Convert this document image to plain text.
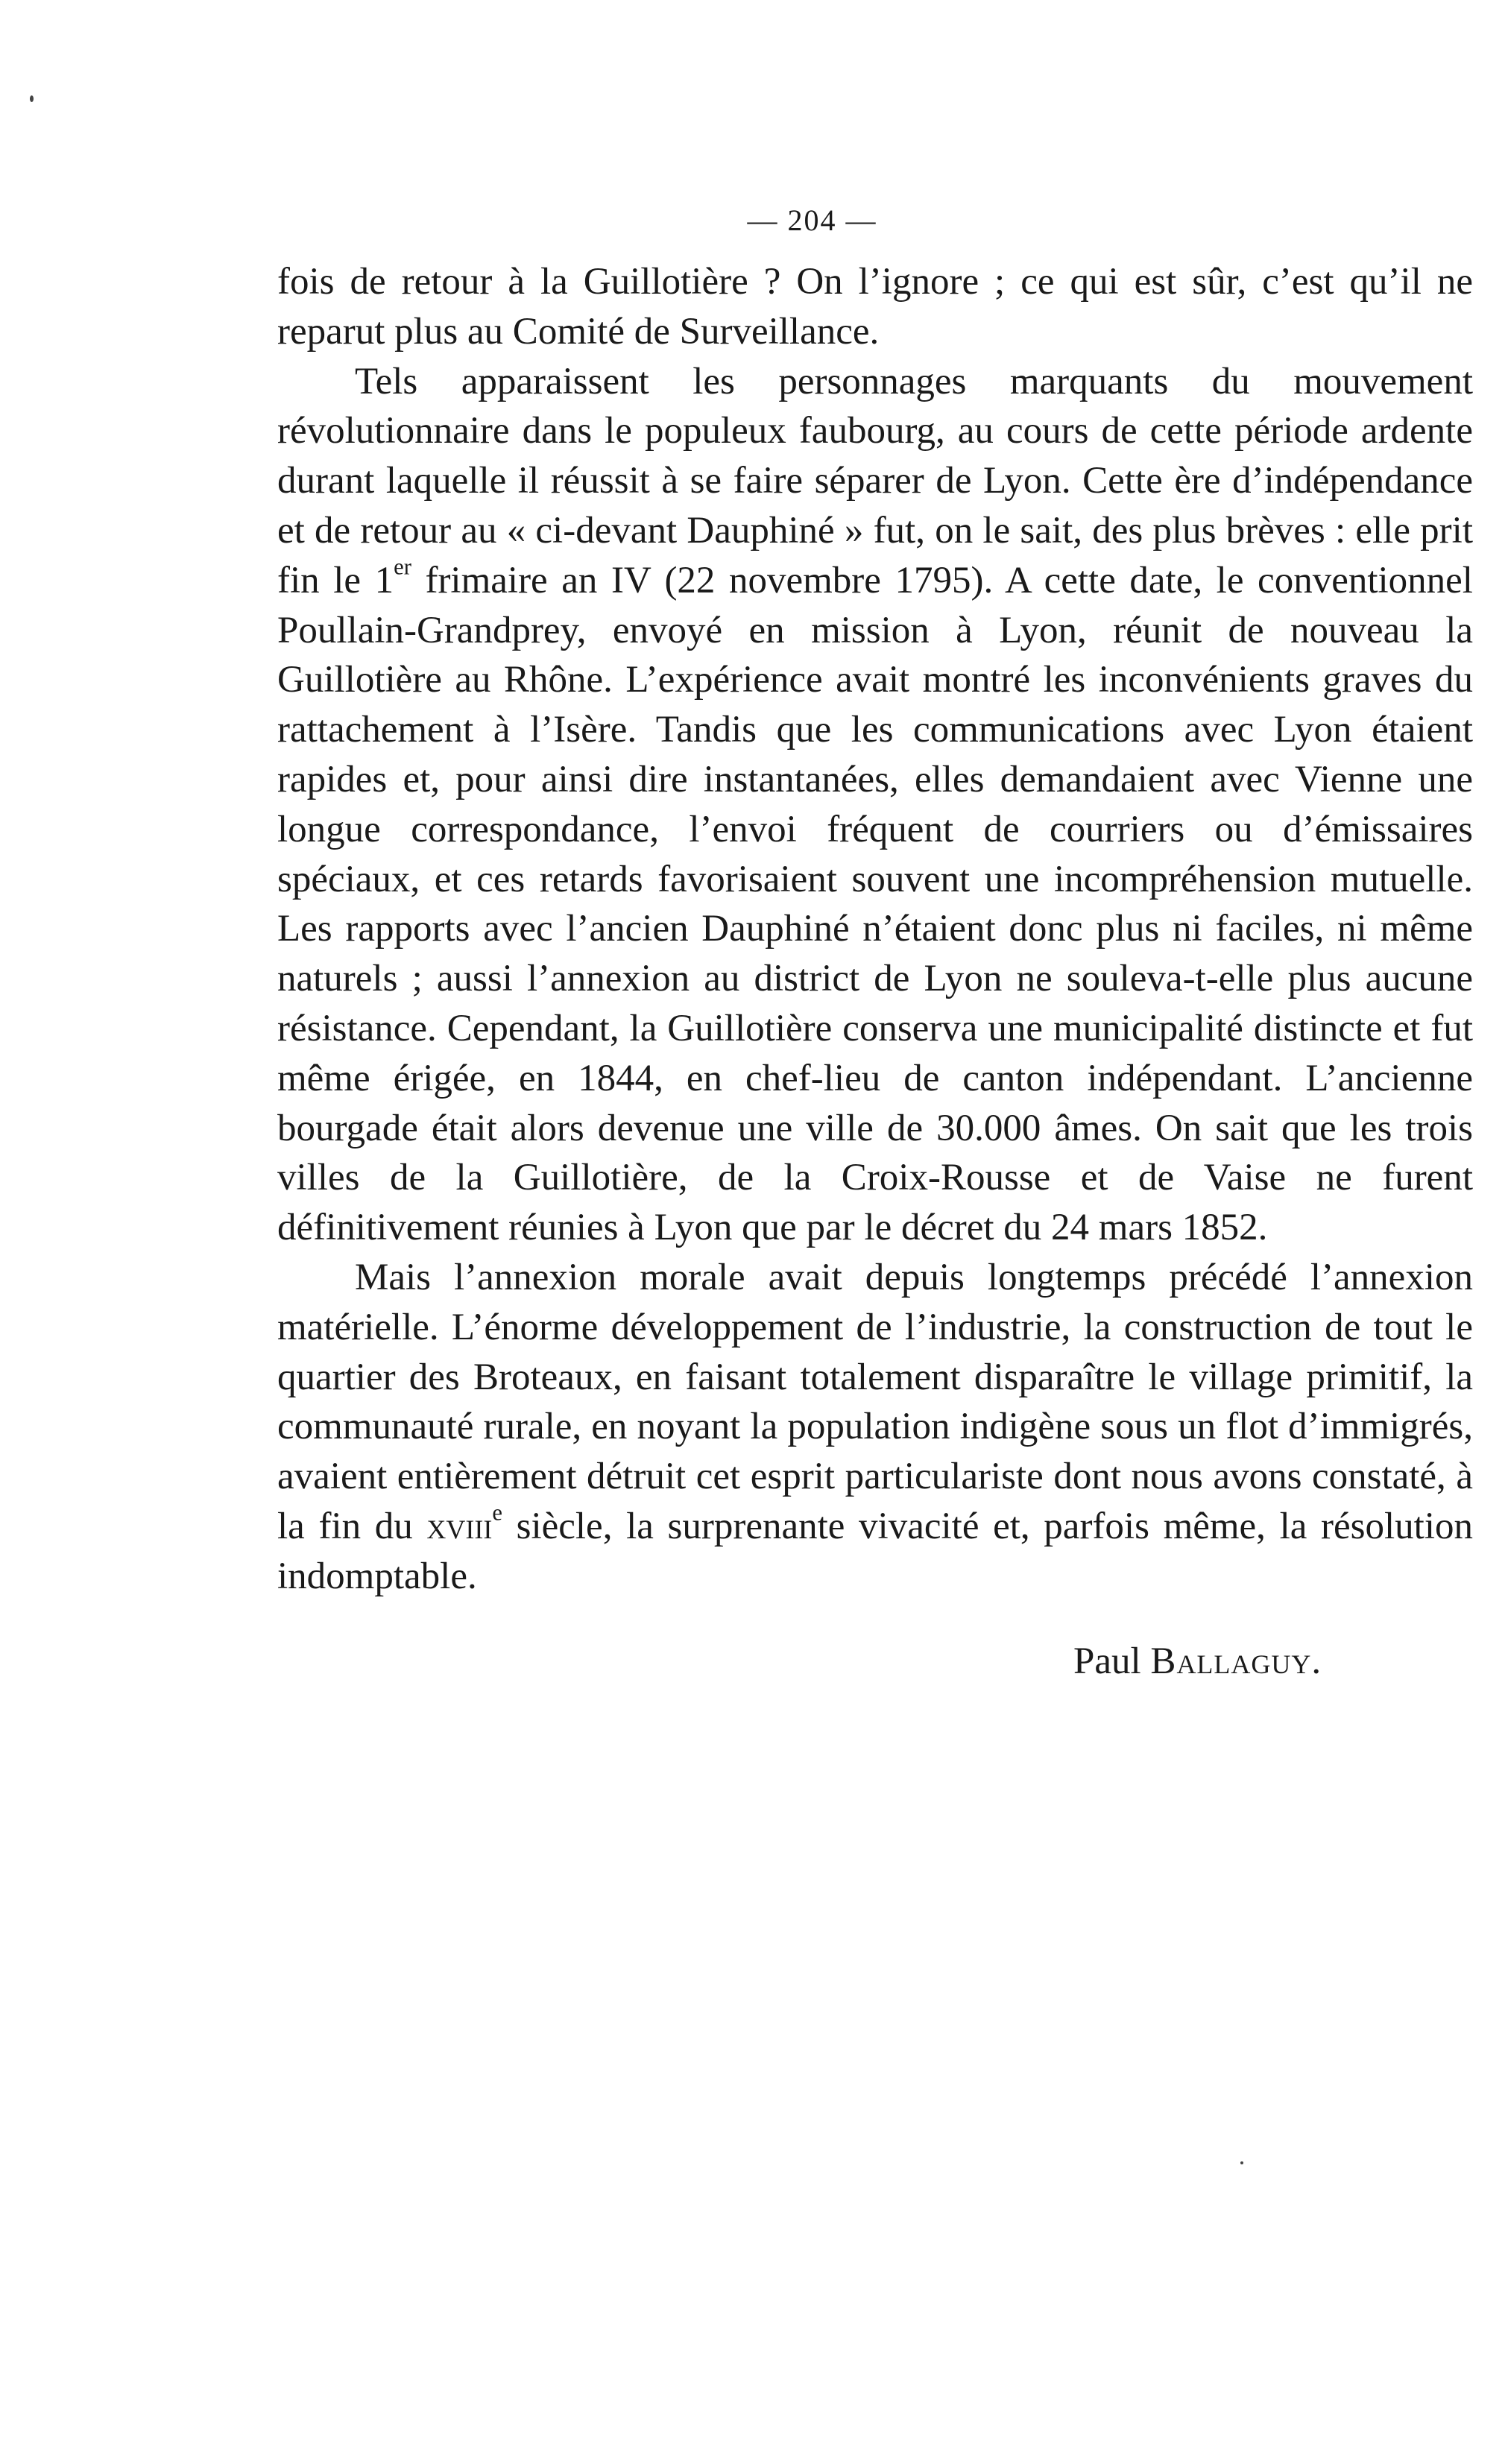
— 204 —

fois de retour à la Guillotière ? On l’ignore ; ce qui est sûr, c’est qu’il ne reparut plus au Comité de Surveillance.

Tels apparaissent les personnages marquants du mouvement révolutionnaire dans le populeux faubourg, au cours de cette période ardente durant laquelle il réussit à se faire séparer de Lyon. Cette ère d’indépendance et de retour au « ci-devant Dauphiné » fut, on le sait, des plus brèves : elle prit fin le 1er frimaire an IV (22 novembre 1795). A cette date, le conventionnel Poullain-Grandprey, envoyé en mission à Lyon, réunit de nouveau la Guillotière au Rhône. L’expérience avait montré les inconvénients graves du rattachement à l’Isère. Tandis que les communications avec Lyon étaient rapides et, pour ainsi dire instantanées, elles demandaient avec Vienne une longue correspondance, l’envoi fréquent de courriers ou d’émissaires spéciaux, et ces retards favorisaient souvent une incompréhension mutuelle. Les rapports avec l’ancien Dauphiné n’étaient donc plus ni faciles, ni même naturels ; aussi l’annexion au district de Lyon ne souleva-t-elle plus aucune résistance. Cependant, la Guillotière conserva une municipalité distincte et fut même érigée, en 1844, en chef-lieu de canton indépendant. L’ancienne bourgade était alors devenue une ville de 30.000 âmes. On sait que les trois villes de la Guillotière, de la Croix-Rousse et de Vaise ne furent définitivement réunies à Lyon que par le décret du 24 mars 1852.

Mais l’annexion morale avait depuis longtemps précédé l’annexion matérielle. L’énorme développement de l’industrie, la construction de tout le quartier des Broteaux, en faisant totalement disparaître le village primitif, la communauté rurale, en noyant la population indigène sous un flot d’immigrés, avaient entièrement détruit cet esprit particulariste dont nous avons constaté, à la fin du xviii$^e$ siècle, la surprenante vivacité et, parfois même, la résolution indomptable.

Paul Ballaguy.
